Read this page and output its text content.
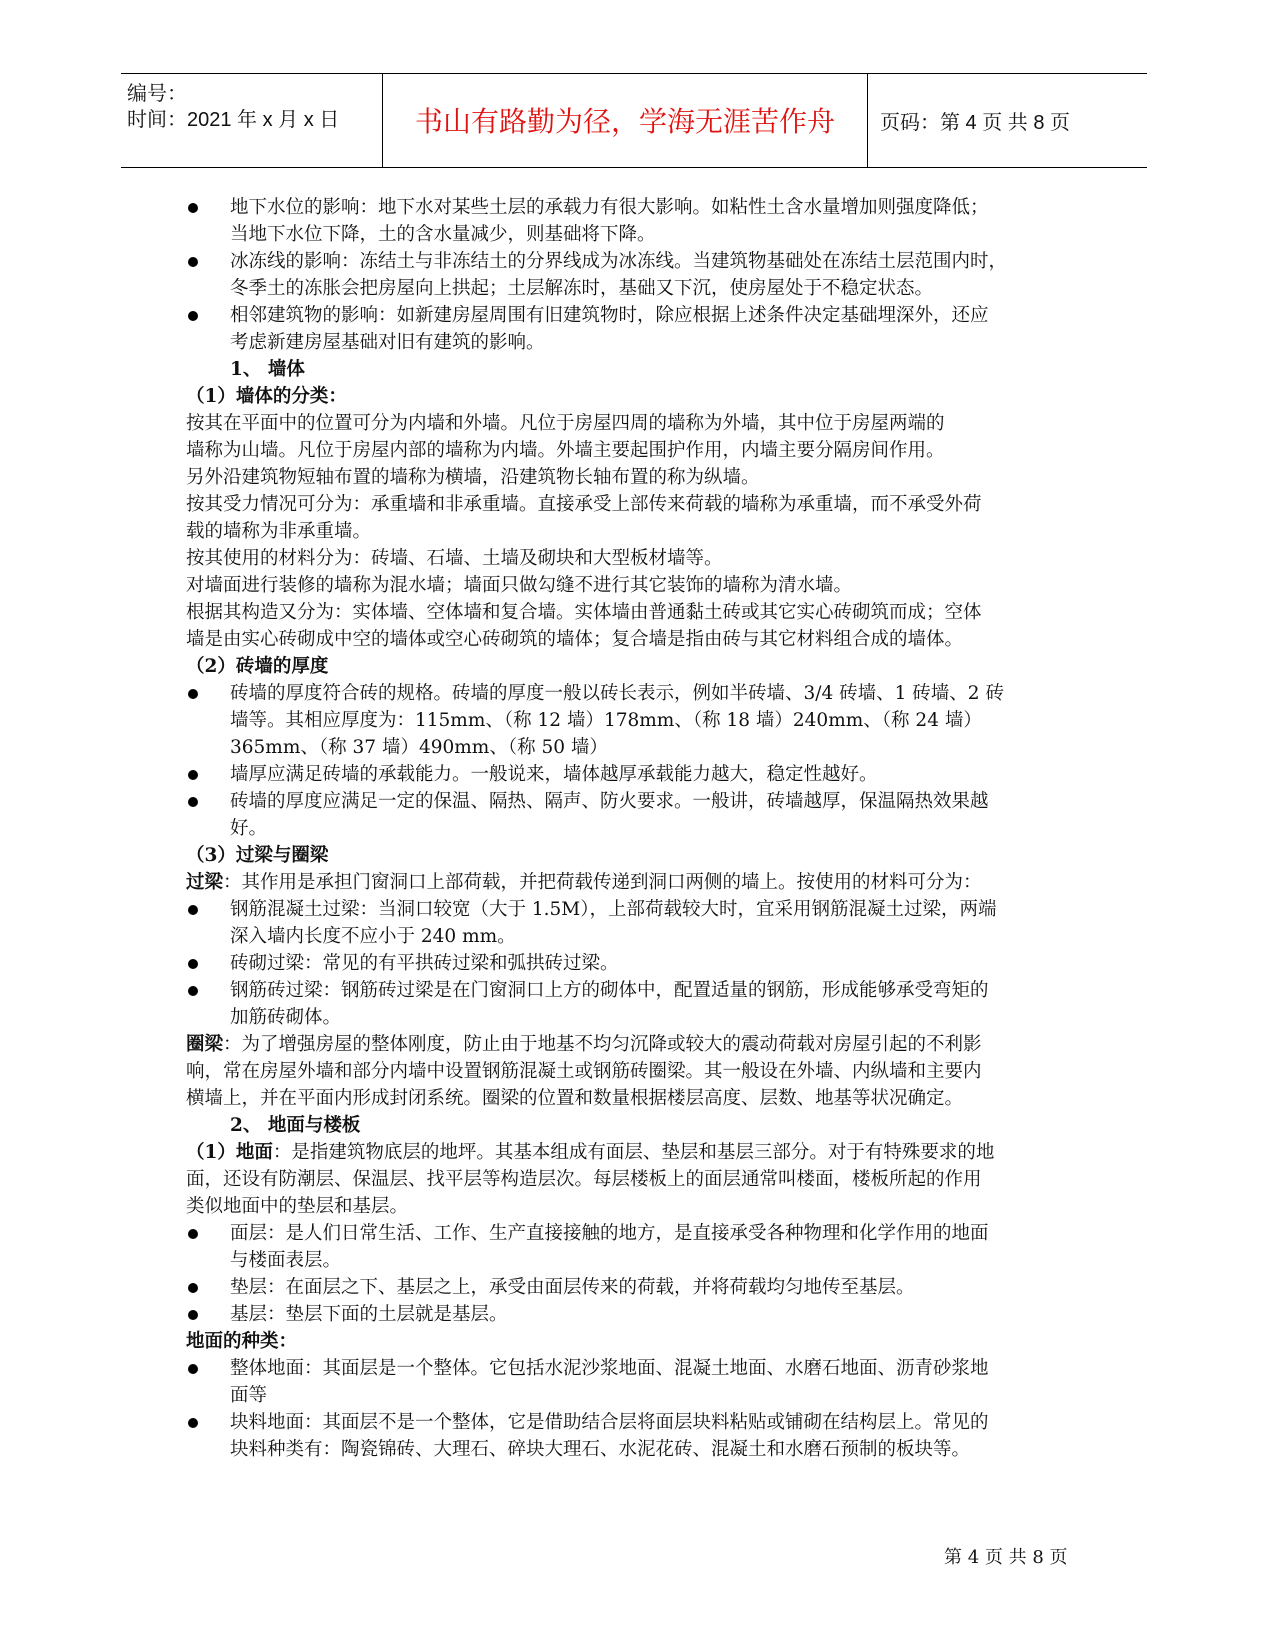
编号：
时间：2021 年 x 月 x 日	书山有路勤为径，学海无涯苦作舟	页码：第 4 页 共 8 页
地下水位的影响：地下水对某些土层的承载力有很大影响。如粘性土含水量增加则强度降低；
当地下水位下降，土的含水量减少，则基础将下降。
冰冻线的影响：冻结土与非冻结土的分界线成为冰冻线。当建筑物基础处在冻结土层范围内时，
冬季土的冻胀会把房屋向上拱起；土层解冻时，基础又下沉，使房屋处于不稳定状态。
相邻建筑物的影响：如新建房屋周围有旧建筑物时，除应根据上述条件决定基础埋深外，还应
考虑新建房屋基础对旧有建筑的影响。
1、 墙体
（1）墙体的分类：
按其在平面中的位置可分为内墙和外墙。凡位于房屋四周的墙称为外墙，其中位于房屋两端的
墙称为山墙。凡位于房屋内部的墙称为内墙。外墙主要起围护作用，内墙主要分隔房间作用。
另外沿建筑物短轴布置的墙称为横墙，沿建筑物长轴布置的称为纵墙。
按其受力情况可分为：承重墙和非承重墙。直接承受上部传来荷载的墙称为承重墙，而不承受外荷
载的墙称为非承重墙。
按其使用的材料分为：砖墙、石墙、土墙及砌块和大型板材墙等。
对墙面进行装修的墙称为混水墙；墙面只做勾缝不进行其它装饰的墙称为清水墙。
根据其构造又分为：实体墙、空体墙和复合墙。实体墙由普通黏土砖或其它实心砖砌筑而成；空体
墙是由实心砖砌成中空的墙体或空心砖砌筑的墙体；复合墙是指由砖与其它材料组合成的墙体。
（2）砖墙的厚度
砖墙的厚度符合砖的规格。砖墙的厚度一般以砖长表示，例如半砖墙、3/4 砖墙、1 砖墙、2 砖
墙等。其相应厚度为：115mm、（称 12 墙）178mm、（称 18 墙）240mm、（称 24 墙）
365mm、（称 37 墙）490mm、（称 50 墙）
墙厚应满足砖墙的承载能力。一般说来，墙体越厚承载能力越大，稳定性越好。
砖墙的厚度应满足一定的保温、隔热、隔声、防火要求。一般讲，砖墙越厚，保温隔热效果越
好。
（3）过梁与圈梁
过梁：其作用是承担门窗洞口上部荷载，并把荷载传递到洞口两侧的墙上。按使用的材料可分为：
钢筋混凝土过梁：当洞口较宽（大于 1.5M），上部荷载较大时，宜采用钢筋混凝土过梁，两端
深入墙内长度不应小于 240 mm。
砖砌过梁：常见的有平拱砖过梁和弧拱砖过梁。
钢筋砖过梁：钢筋砖过梁是在门窗洞口上方的砌体中，配置适量的钢筋，形成能够承受弯矩的
加筋砖砌体。
圈梁：为了增强房屋的整体刚度，防止由于地基不均匀沉降或较大的震动荷载对房屋引起的不利影
响，常在房屋外墙和部分内墙中设置钢筋混凝土或钢筋砖圈梁。其一般设在外墙、内纵墙和主要内
横墙上，并在平面内形成封闭系统。圈梁的位置和数量根据楼层高度、层数、地基等状况确定。
2、 地面与楼板
（1）地面：是指建筑物底层的地坪。其基本组成有面层、垫层和基层三部分。对于有特殊要求的地
面，还设有防潮层、保温层、找平层等构造层次。每层楼板上的面层通常叫楼面，楼板所起的作用
类似地面中的垫层和基层。
面层：是人们日常生活、工作、生产直接接触的地方，是直接承受各种物理和化学作用的地面
与楼面表层。
垫层：在面层之下、基层之上，承受由面层传来的荷载，并将荷载均匀地传至基层。
基层：垫层下面的土层就是基层。
地面的种类：
整体地面：其面层是一个整体。它包括水泥沙浆地面、混凝土地面、水磨石地面、沥青砂浆地
面等
块料地面：其面层不是一个整体，它是借助结合层将面层块料粘贴或铺砌在结构层上。常见的
块料种类有：陶瓷锦砖、大理石、碎块大理石、水泥花砖、混凝土和水磨石预制的板块等。
第 4 页 共 8 页
